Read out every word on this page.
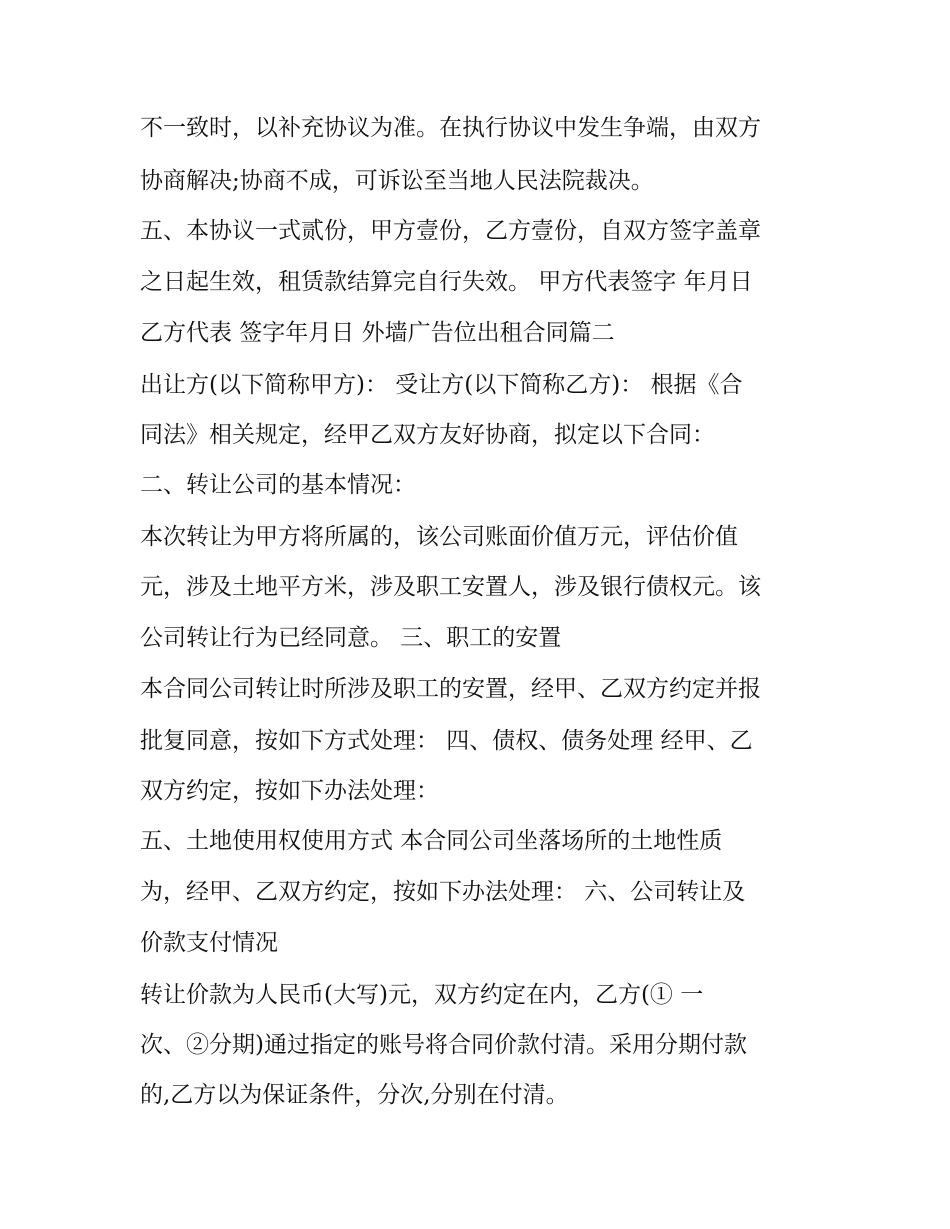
不一致时，以补充协议为准。在执行协议中发生争端，由双方
协商解决;协商不成，可诉讼至当地人民法院裁决。
五、本协议一式贰份，甲方壹份，乙方壹份，自双方签字盖章
之日起生效，租赁款结算完自行失效。 甲方代表签字 年月日
乙方代表 签字年月日 外墙广告位出租合同篇二
出让方(以下简称甲方)： 受让方(以下简称乙方)： 根据《合
同法》相关规定，经甲乙双方友好协商，拟定以下合同：
二、转让公司的基本情况：
本次转让为甲方将所属的，该公司账面价值万元，评估价值
元，涉及土地平方米，涉及职工安置人，涉及银行债权元。该
公司转让行为已经同意。 三、职工的安置
本合同公司转让时所涉及职工的安置，经甲、乙双方约定并报
批复同意，按如下方式处理： 四、债权、债务处理 经甲、乙
双方约定，按如下办法处理：
五、土地使用权使用方式 本合同公司坐落场所的土地性质
为，经甲、乙双方约定，按如下办法处理： 六、公司转让及
价款支付情况
转让价款为人民币(大写)元，双方约定在内，乙方(① 一
次、②分期)通过指定的账号将合同价款付清。采用分期付款
的,乙方以为保证条件，分次,分别在付清。
